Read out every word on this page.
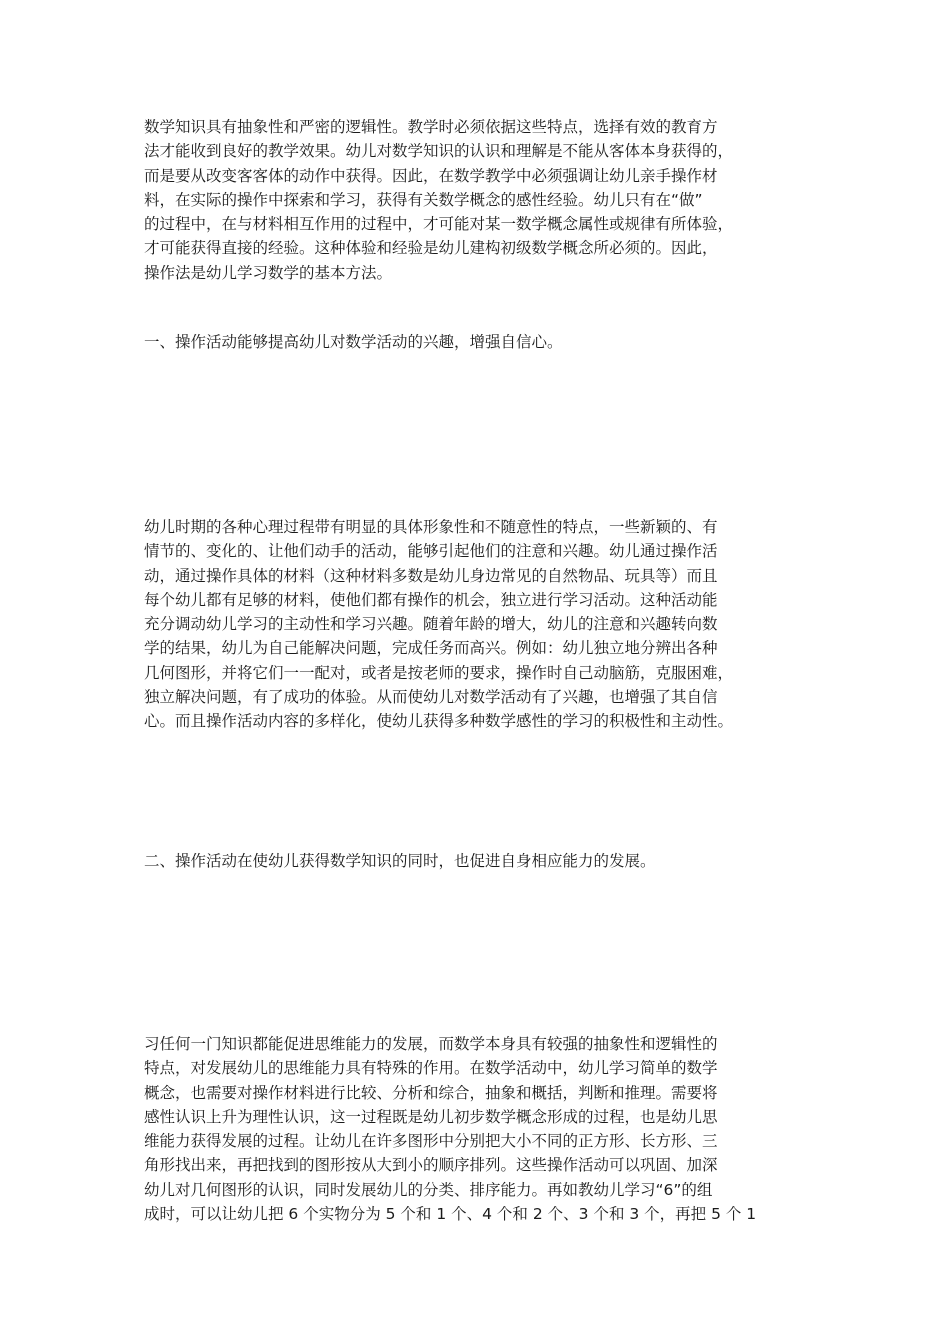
数学知识具有抽象性和严密的逻辑性。教学时必须依据这些特点，选择有效的教育方
法才能收到良好的教学效果。幼儿对数学知识的认识和理解是不能从客体本身获得的，
而是要从改变客客体的动作中获得。因此，在数学教学中必须强调让幼儿亲手操作材
料，在实际的操作中探索和学习，获得有关数学概念的感性经验。幼儿只有在“做”
的过程中，在与材料相互作用的过程中，才可能对某一数学概念属性或规律有所体验，
才可能获得直接的经验。这种体验和经验是幼儿建构初级数学概念所必须的。因此，
操作法是幼儿学习数学的基本方法。
一、操作活动能够提高幼儿对数学活动的兴趣，增强自信心。
幼儿时期的各种心理过程带有明显的具体形象性和不随意性的特点，一些新颖的、有
情节的、变化的、让他们动手的活动，能够引起他们的注意和兴趣。幼儿通过操作活
动，通过操作具体的材料（这种材料多数是幼儿身边常见的自然物品、玩具等）而且
每个幼儿都有足够的材料，使他们都有操作的机会，独立进行学习活动。这种活动能
充分调动幼儿学习的主动性和学习兴趣。随着年龄的增大，幼儿的注意和兴趣转向数
学的结果，幼儿为自己能解决问题，完成任务而高兴。例如：幼儿独立地分辨出各种
几何图形，并将它们一一配对，或者是按老师的要求，操作时自己动脑筋，克服困难，
独立解决问题，有了成功的体验。从而使幼儿对数学活动有了兴趣，也增强了其自信
心。而且操作活动内容的多样化，使幼儿获得多种数学感性的学习的积极性和主动性。
二、操作活动在使幼儿获得数学知识的同时，也促进自身相应能力的发展。
习任何一门知识都能促进思维能力的发展，而数学本身具有较强的抽象性和逻辑性的
特点，对发展幼儿的思维能力具有特殊的作用。在数学活动中，幼儿学习简单的数学
概念，也需要对操作材料进行比较、分析和综合，抽象和概括，判断和推理。需要将
感性认识上升为理性认识，这一过程既是幼儿初步数学概念形成的过程，也是幼儿思
维能力获得发展的过程。让幼儿在许多图形中分别把大小不同的正方形、长方形、三
角形找出来，再把找到的图形按从大到小的顺序排列。这些操作活动可以巩固、加深
幼儿对几何图形的认识，同时发展幼儿的分类、排序能力。再如教幼儿学习“6”的组
成时，可以让幼儿把 6 个实物分为 5 个和 1 个、4 个和 2 个、3 个和 3 个，再把 5 个 1
